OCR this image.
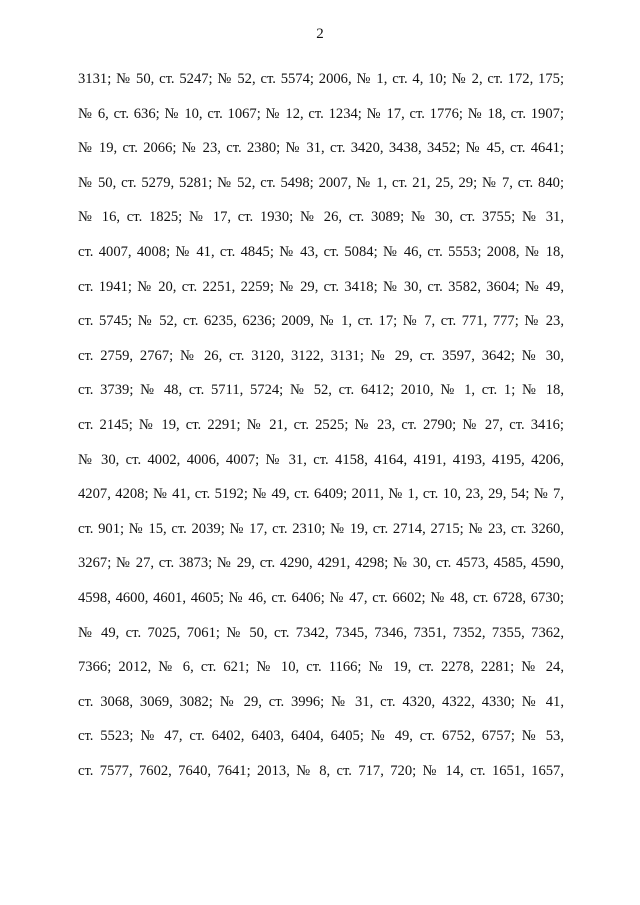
2
3131; № 50, ст. 5247; № 52, ст. 5574; 2006, № 1, ст. 4, 10; № 2, ст. 172, 175;
№ 6, ст. 636; № 10, ст. 1067; № 12, ст. 1234; № 17, ст. 1776; № 18, ст. 1907;
№ 19, ст. 2066; № 23, ст. 2380; № 31, ст. 3420, 3438, 3452; № 45, ст. 4641;
№ 50, ст. 5279, 5281; № 52, ст. 5498; 2007, № 1, ст. 21, 25, 29; № 7, ст. 840;
№ 16, ст. 1825; № 17, ст. 1930; № 26, ст. 3089; № 30, ст. 3755; № 31,
ст. 4007, 4008; № 41, ст. 4845; № 43, ст. 5084; № 46, ст. 5553; 2008, № 18,
ст. 1941; № 20, ст. 2251, 2259; № 29, ст. 3418; № 30, ст. 3582, 3604; № 49,
ст. 5745; № 52, ст. 6235, 6236; 2009, № 1, ст. 17; № 7, ст. 771, 777; № 23,
ст. 2759, 2767; № 26, ст. 3120, 3122, 3131; № 29, ст. 3597, 3642; № 30,
ст. 3739; № 48, ст. 5711, 5724; № 52, ст. 6412; 2010, № 1, ст. 1; № 18,
ст. 2145; № 19, ст. 2291; № 21, ст. 2525; № 23, ст. 2790; № 27, ст. 3416;
№ 30, ст. 4002, 4006, 4007; № 31, ст. 4158, 4164, 4191, 4193, 4195, 4206,
4207, 4208; № 41, ст. 5192; № 49, ст. 6409; 2011, № 1, ст. 10, 23, 29, 54; № 7,
ст. 901; № 15, ст. 2039; № 17, ст. 2310; № 19, ст. 2714, 2715; № 23, ст. 3260,
3267; № 27, ст. 3873; № 29, ст. 4290, 4291, 4298; № 30, ст. 4573, 4585, 4590,
4598, 4600, 4601, 4605; № 46, ст. 6406; № 47, ст. 6602; № 48, ст. 6728, 6730;
№ 49, ст. 7025, 7061; № 50, ст. 7342, 7345, 7346, 7351, 7352, 7355, 7362,
7366; 2012, № 6, ст. 621; № 10, ст. 1166; № 19, ст. 2278, 2281; № 24,
ст. 3068, 3069, 3082; № 29, ст. 3996; № 31, ст. 4320, 4322, 4330; № 41,
ст. 5523; № 47, ст. 6402, 6403, 6404, 6405; № 49, ст. 6752, 6757; № 53,
ст. 7577, 7602, 7640, 7641; 2013, № 8, ст. 717, 720; № 14, ст. 1651, 1657,
